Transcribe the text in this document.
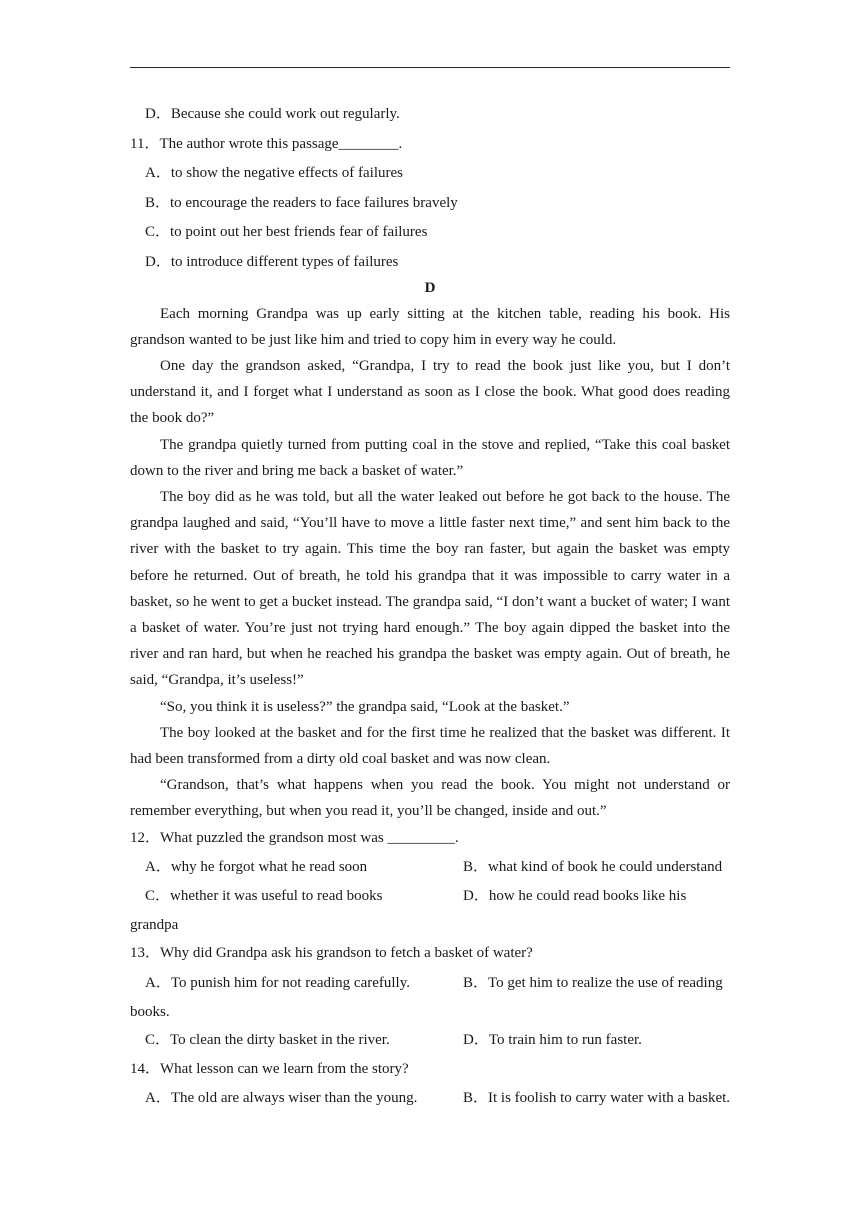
D．Because she could work out regularly.
11．The author wrote this passage________.
A．to show the negative effects of failures
B．to encourage the readers to face failures bravely
C．to point out her best friends fear of failures
D．to introduce different types of failures
D

Each morning Grandpa was up early sitting at the kitchen table, reading his book. His grandson wanted to be just like him and tried to copy him in every way he could.

One day the grandson asked, “Grandpa, I try to read the book just like you, but I don’t understand it, and I forget what I understand as soon as I close the book. What good does reading the book do?”

The grandpa quietly turned from putting coal in the stove and replied, “Take this coal basket down to the river and bring me back a basket of water.”

The boy did as he was told, but all the water leaked out before he got back to the house. The grandpa laughed and said, “You’ll have to move a little faster next time,” and sent him back to the river with the basket to try again. This time the boy ran faster, but again the basket was empty before he returned. Out of breath, he told his grandpa that it was impossible to carry water in a basket, so he went to get a bucket instead. The grandpa said, “I don’t want a bucket of water; I want a basket of water. You’re just not trying hard enough.” The boy again dipped the basket into the river and ran hard, but when he reached his grandpa the basket was empty again. Out of breath, he said, “Grandpa, it’s useless!”

“So, you think it is useless?” the grandpa said, “Look at the basket.”

The boy looked at the basket and for the first time he realized that the basket was different. It had been transformed from a dirty old coal basket and was now clean.

“Grandson, that’s what happens when you read the book. You might not understand or remember everything, but when you read it, you’ll be changed, inside and out.”

12．What puzzled the grandson most was _________.
A．why he forgot what he read soon	B．what kind of book he could understand
C．whether it was useful to read books	D．how he could read books like his
grandpa
13．Why did Grandpa ask his grandson to fetch a basket of water?
A．To punish him for not reading carefully.	B．To get him to realize the use of reading
books.
C．To clean the dirty basket in the river.	D．To train him to run faster.
14．What lesson can we learn from the story?
A．The old are always wiser than the young.	B．It is foolish to carry water with a basket.
